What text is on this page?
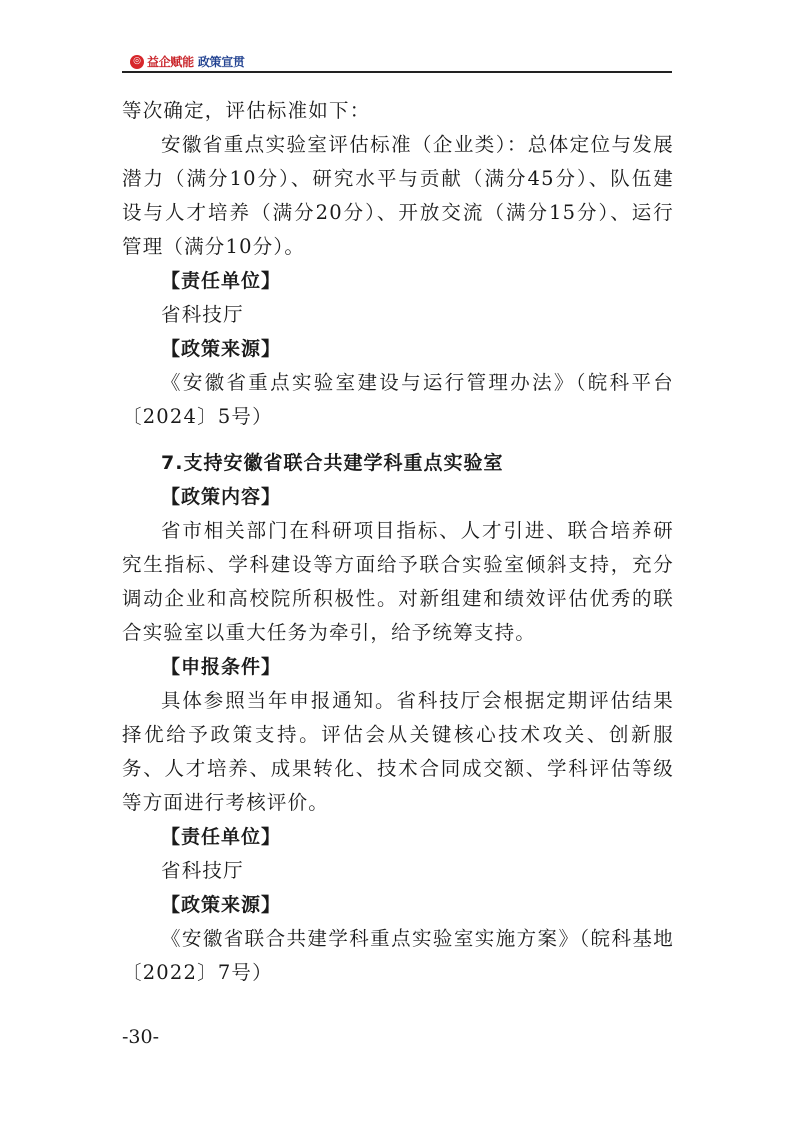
◎ 益企赋能 政策宣贯

等次确定，评估标准如下：

安徽省重点实验室评估标准（企业类）：总体定位与发展潜力（满分10分）、研究水平与贡献（满分45分）、队伍建设与人才培养（满分20分）、开放交流（满分15分）、运行管理（满分10分）。

【责任单位】

省科技厅

【政策来源】

《安徽省重点实验室建设与运行管理办法》（皖科平台〔2024〕5号）

7.支持安徽省联合共建学科重点实验室

【政策内容】

省市相关部门在科研项目指标、人才引进、联合培养研究生指标、学科建设等方面给予联合实验室倾斜支持，充分调动企业和高校院所积极性。对新组建和绩效评估优秀的联合实验室以重大任务为牵引，给予统筹支持。

【申报条件】

具体参照当年申报通知。省科技厅会根据定期评估结果择优给予政策支持。评估会从关键核心技术攻关、创新服务、人才培养、成果转化、技术合同成交额、学科评估等级等方面进行考核评价。

【责任单位】

省科技厅

【政策来源】

《安徽省联合共建学科重点实验室实施方案》（皖科基地〔2022〕7号）

-30-
